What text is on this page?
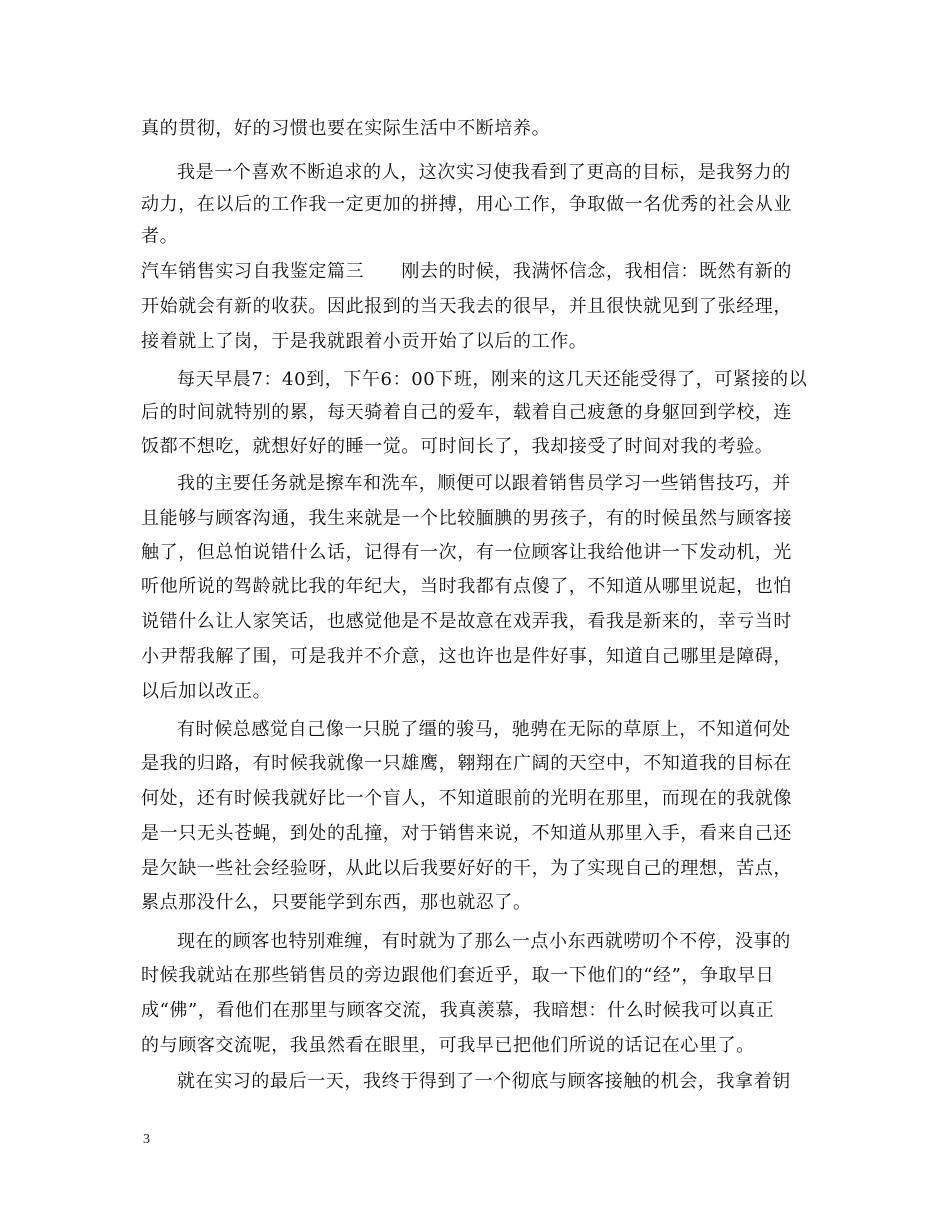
真的贯彻，好的习惯也要在实际生活中不断培养。
我是一个喜欢不断追求的人，这次实习使我看到了更高的目标，是我努力的
动力，在以后的工作我一定更加的拼搏，用心工作，争取做一名优秀的社会从业
者。
汽车销售实习自我鉴定篇三　　刚去的时候，我满怀信念，我相信：既然有新的
开始就会有新的收获。因此报到的当天我去的很早，并且很快就见到了张经理，
接着就上了岗，于是我就跟着小贡开始了以后的工作。
每天早晨7：40到，下午6：00下班，刚来的这几天还能受得了，可紧接的以
后的时间就特别的累，每天骑着自己的爱车，载着自己疲惫的身躯回到学校，连
饭都不想吃，就想好好的睡一觉。可时间长了，我却接受了时间对我的考验。
我的主要任务就是擦车和洗车，顺便可以跟着销售员学习一些销售技巧，并
且能够与顾客沟通，我生来就是一个比较腼腆的男孩子，有的时候虽然与顾客接
触了，但总怕说错什么话，记得有一次，有一位顾客让我给他讲一下发动机，光
听他所说的驾龄就比我的年纪大，当时我都有点傻了，不知道从哪里说起，也怕
说错什么让人家笑话，也感觉他是不是故意在戏弄我，看我是新来的，幸亏当时
小尹帮我解了围，可是我并不介意，这也许也是件好事，知道自己哪里是障碍，
以后加以改正。
有时候总感觉自己像一只脱了缰的骏马，驰骋在无际的草原上，不知道何处
是我的归路，有时候我就像一只雄鹰，翱翔在广阔的天空中，不知道我的目标在
何处，还有时候我就好比一个盲人，不知道眼前的光明在那里，而现在的我就像
是一只无头苍蝇，到处的乱撞，对于销售来说，不知道从那里入手，看来自己还
是欠缺一些社会经验呀，从此以后我要好好的干，为了实现自己的理想，苦点，
累点那没什么，只要能学到东西，那也就忍了。
现在的顾客也特别难缠，有时就为了那么一点小东西就唠叨个不停，没事的
时候我就站在那些销售员的旁边跟他们套近乎，取一下他们的“经”，争取早日
成“佛”，看他们在那里与顾客交流，我真羡慕，我暗想：什么时候我可以真正
的与顾客交流呢，我虽然看在眼里，可我早已把他们所说的话记在心里了。
就在实习的最后一天，我终于得到了一个彻底与顾客接触的机会，我拿着钥
3
